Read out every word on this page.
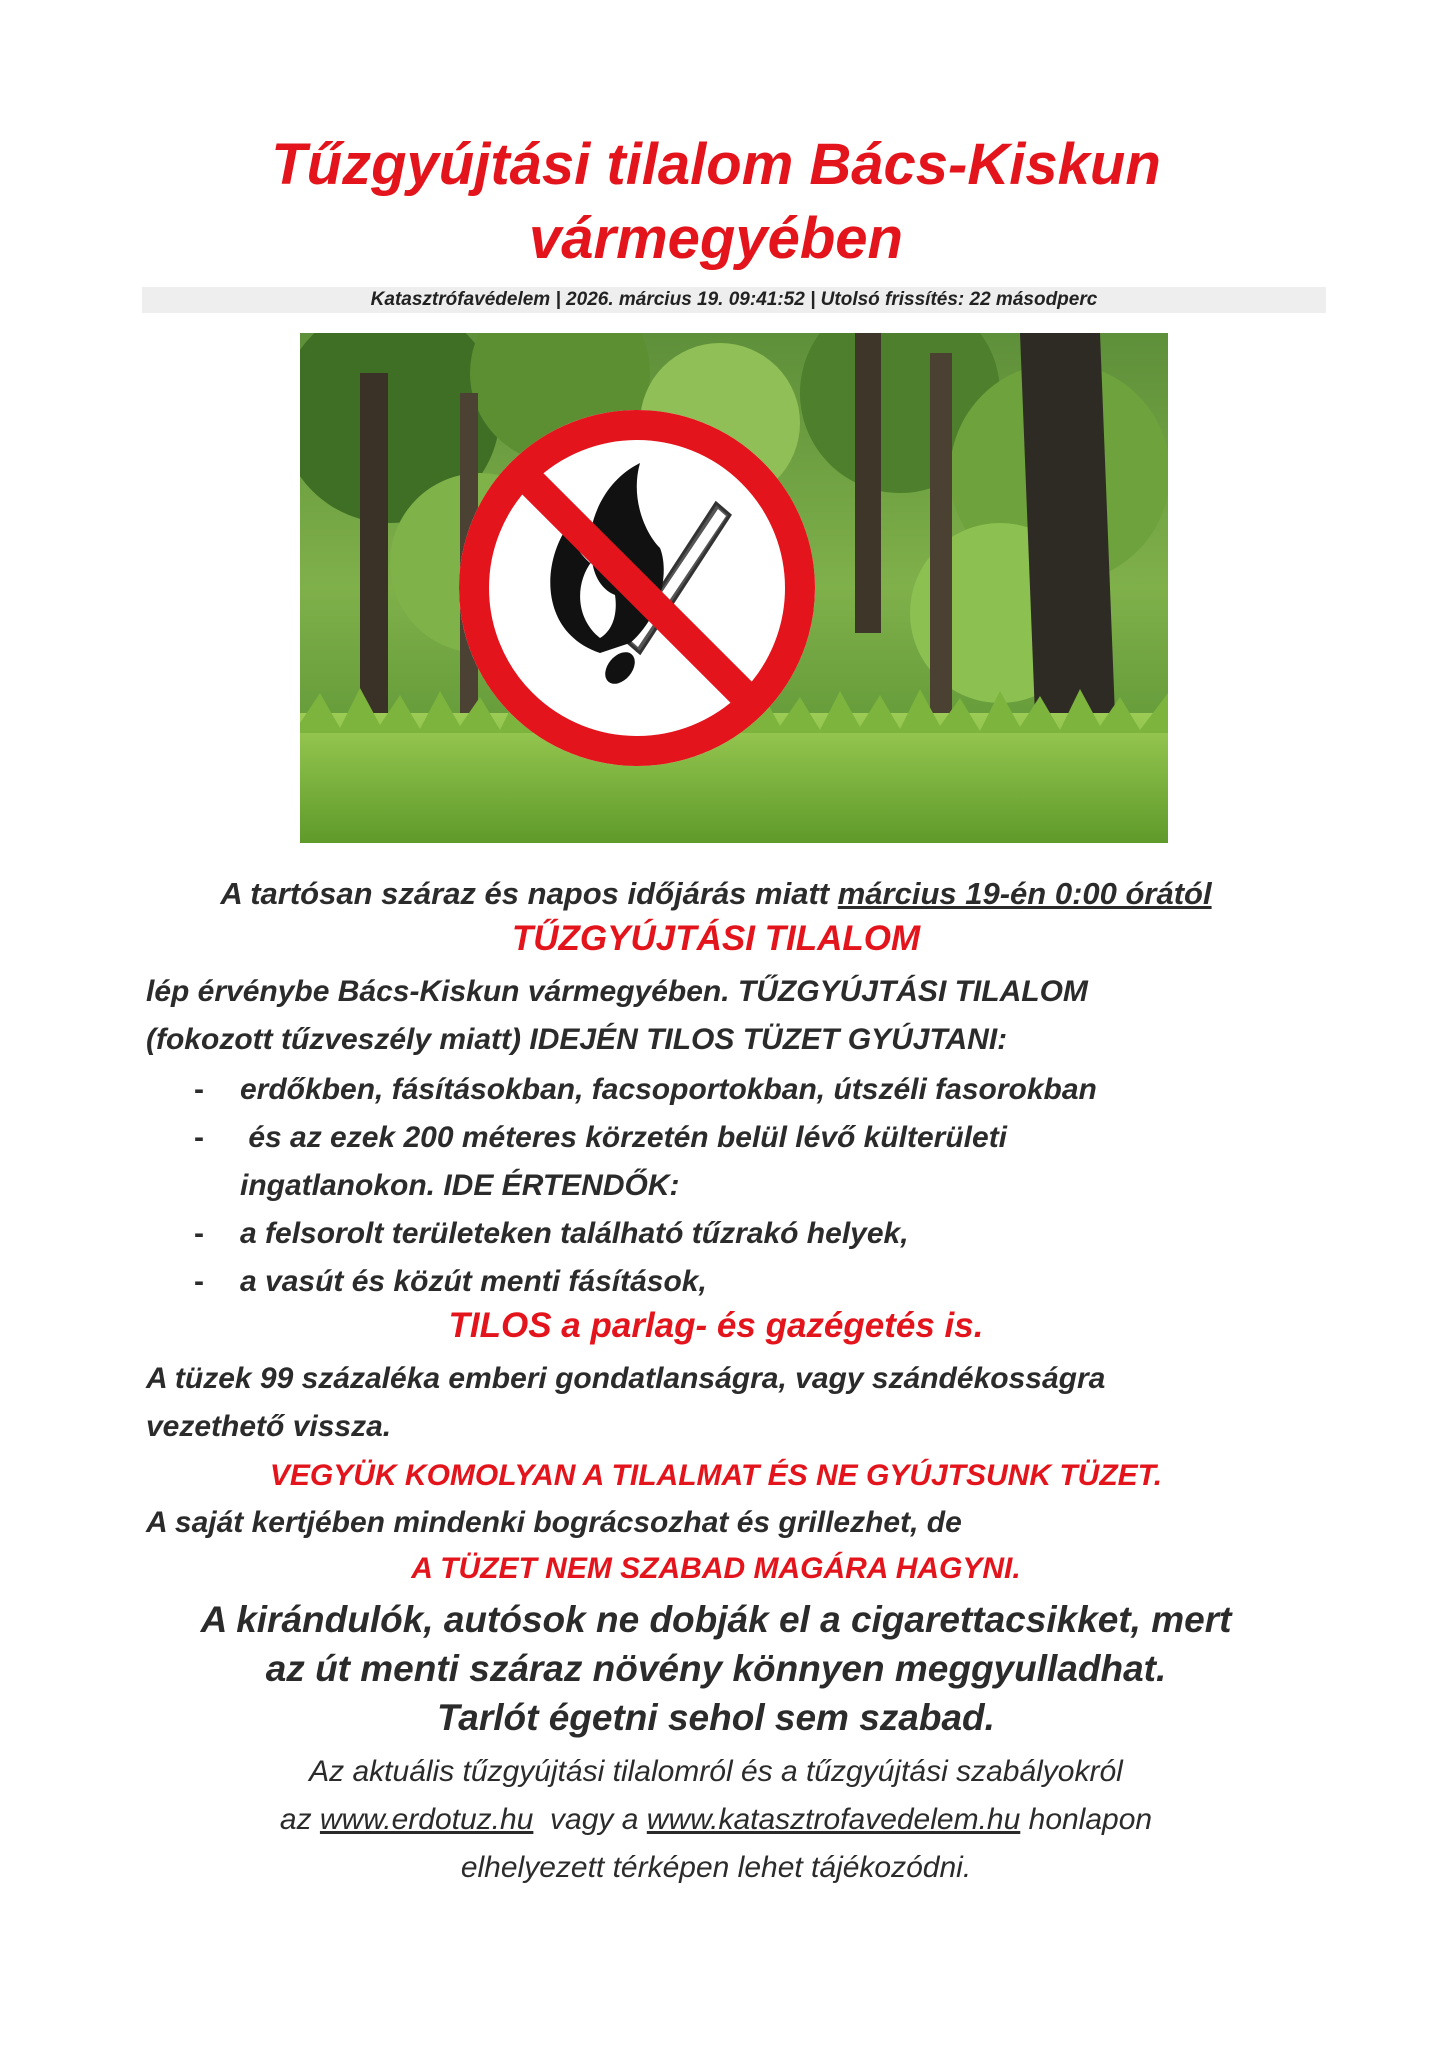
Tűzgyújtási tilalom Bács-Kiskun
vármegyében
Katasztrófavédelem | 2026. március 19. 09:41:52 | Utolsó frissítés: 22 másodperc
A tartósan száraz és napos időjárás miatt március 19-én 0:00 órától
TŰZGYÚJTÁSI TILALOM
lép érvénybe Bács-Kiskun vármegyében. TŰZGYÚJTÁSI TILALOM
(fokozott tűzveszély miatt) IDEJÉN TILOS TÜZET GYÚJTANI:
- erdőkben, fásításokban, facsoportokban, útszéli fasorokban
- és az ezek 200 méteres körzetén belül lévő külterületi
ingatlanokon. IDE ÉRTENDŐK:
- a felsorolt területeken található tűzrakó helyek,
- a vasút és közút menti fásítások,
TILOS a parlag- és gazégetés is.
A tüzek 99 százaléka emberi gondatlanságra, vagy szándékosságra
vezethető vissza.
VEGYÜK KOMOLYAN A TILALMAT ÉS NE GYÚJTSUNK TÜZET.
A saját kertjében mindenki bográcsozhat és grillezhet, de
A TÜZET NEM SZABAD MAGÁRA HAGYNI.
A kirándulók, autósok ne dobják el a cigarettacsikket, mert
az út menti száraz növény könnyen meggyulladhat.
Tarlót égetni sehol sem szabad.
Az aktuális tűzgyújtási tilalomról és a tűzgyújtási szabályokról
az www.erdotuz.hu  vagy a www.katasztrofavedelem.hu honlapon
elhelyezett térképen lehet tájékozódni.
